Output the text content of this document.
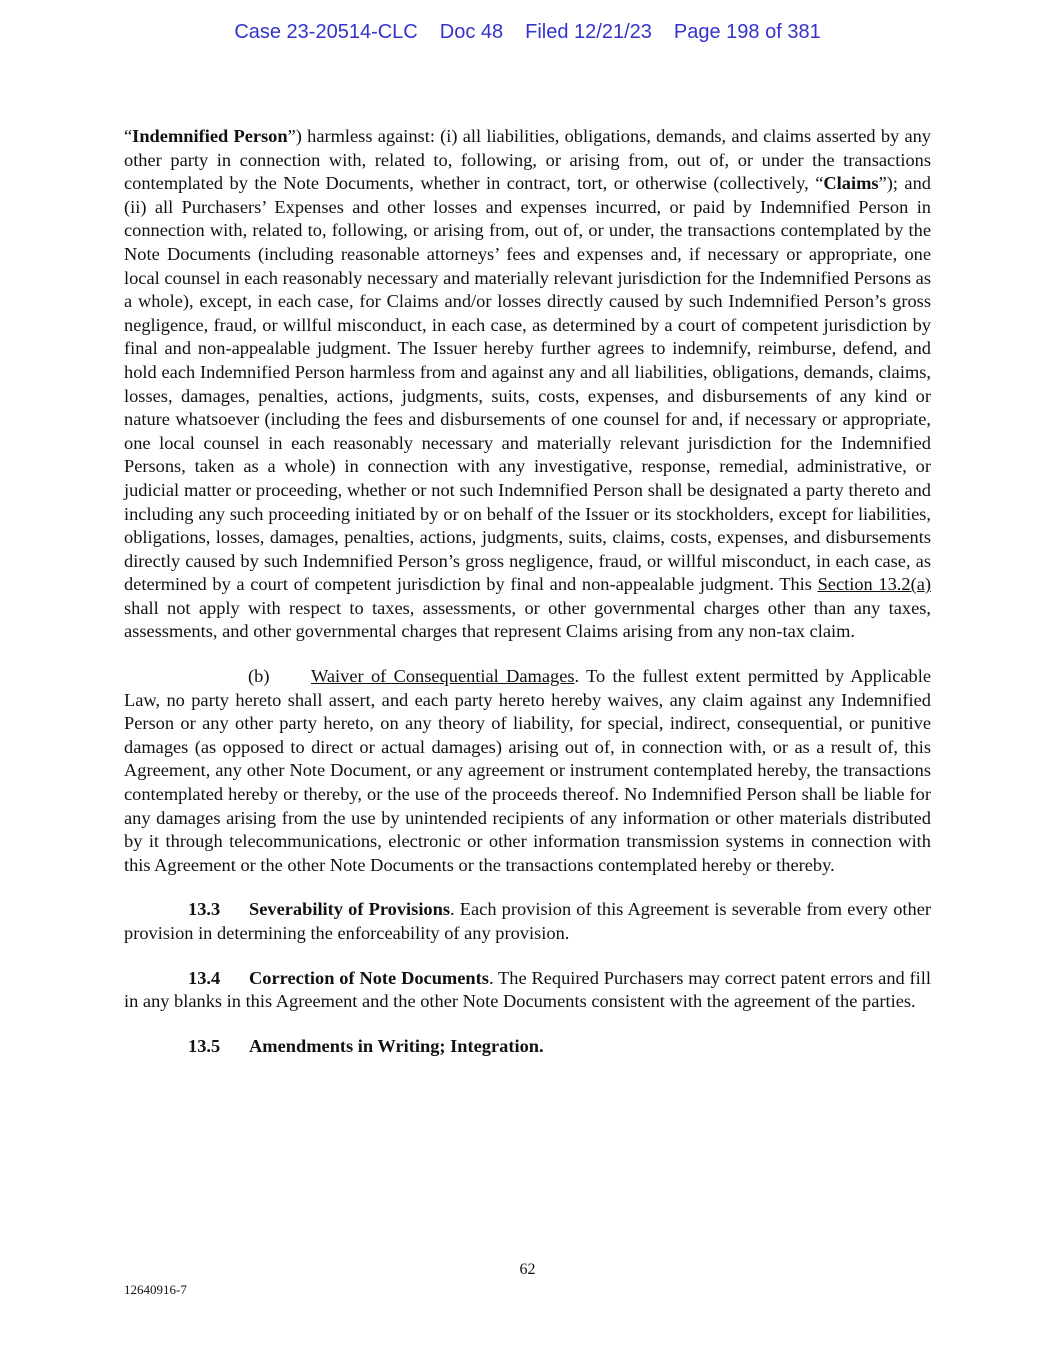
Case 23-20514-CLC Doc 48 Filed 12/21/23 Page 198 of 381

“Indemnified Person”) harmless against: (i) all liabilities, obligations, demands, and claims asserted by any other party in connection with, related to, following, or arising from, out of, or under the transactions contemplated by the Note Documents, whether in contract, tort, or otherwise (collectively, “Claims”); and (ii) all Purchasers’ Expenses and other losses and expenses incurred, or paid by Indemnified Person in connection with, related to, following, or arising from, out of, or under, the transactions contemplated by the Note Documents (including reasonable attorneys’ fees and expenses and, if necessary or appropriate, one local counsel in each reasonably necessary and materially relevant jurisdiction for the Indemnified Persons as a whole), except, in each case, for Claims and/or losses directly caused by such Indemnified Person’s gross negligence, fraud, or willful misconduct, in each case, as determined by a court of competent jurisdiction by final and non-appealable judgment. The Issuer hereby further agrees to indemnify, reimburse, defend, and hold each Indemnified Person harmless from and against any and all liabilities, obligations, demands, claims, losses, damages, penalties, actions, judgments, suits, costs, expenses, and disbursements of any kind or nature whatsoever (including the fees and disbursements of one counsel for and, if necessary or appropriate, one local counsel in each reasonably necessary and materially relevant jurisdiction for the Indemnified Persons, taken as a whole) in connection with any investigative, response, remedial, administrative, or judicial matter or proceeding, whether or not such Indemnified Person shall be designated a party thereto and including any such proceeding initiated by or on behalf of the Issuer or its stockholders, except for liabilities, obligations, losses, damages, penalties, actions, judgments, suits, claims, costs, expenses, and disbursements directly caused by such Indemnified Person’s gross negligence, fraud, or willful misconduct, in each case, as determined by a court of competent jurisdiction by final and non-appealable judgment. This Section 13.2(a) shall not apply with respect to taxes, assessments, or other governmental charges other than any taxes, assessments, and other governmental charges that represent Claims arising from any non-tax claim.

(b) Waiver of Consequential Damages. To the fullest extent permitted by Applicable Law, no party hereto shall assert, and each party hereto hereby waives, any claim against any Indemnified Person or any other party hereto, on any theory of liability, for special, indirect, consequential, or punitive damages (as opposed to direct or actual damages) arising out of, in connection with, or as a result of, this Agreement, any other Note Document, or any agreement or instrument contemplated hereby, the transactions contemplated hereby or thereby, or the use of the proceeds thereof. No Indemnified Person shall be liable for any damages arising from the use by unintended recipients of any information or other materials distributed by it through telecommunications, electronic or other information transmission systems in connection with this Agreement or the other Note Documents or the transactions contemplated hereby or thereby.

13.3 Severability of Provisions. Each provision of this Agreement is severable from every other provision in determining the enforceability of any provision.

13.4 Correction of Note Documents. The Required Purchasers may correct patent errors and fill in any blanks in this Agreement and the other Note Documents consistent with the agreement of the parties.

13.5 Amendments in Writing; Integration.

62
12640916-7
